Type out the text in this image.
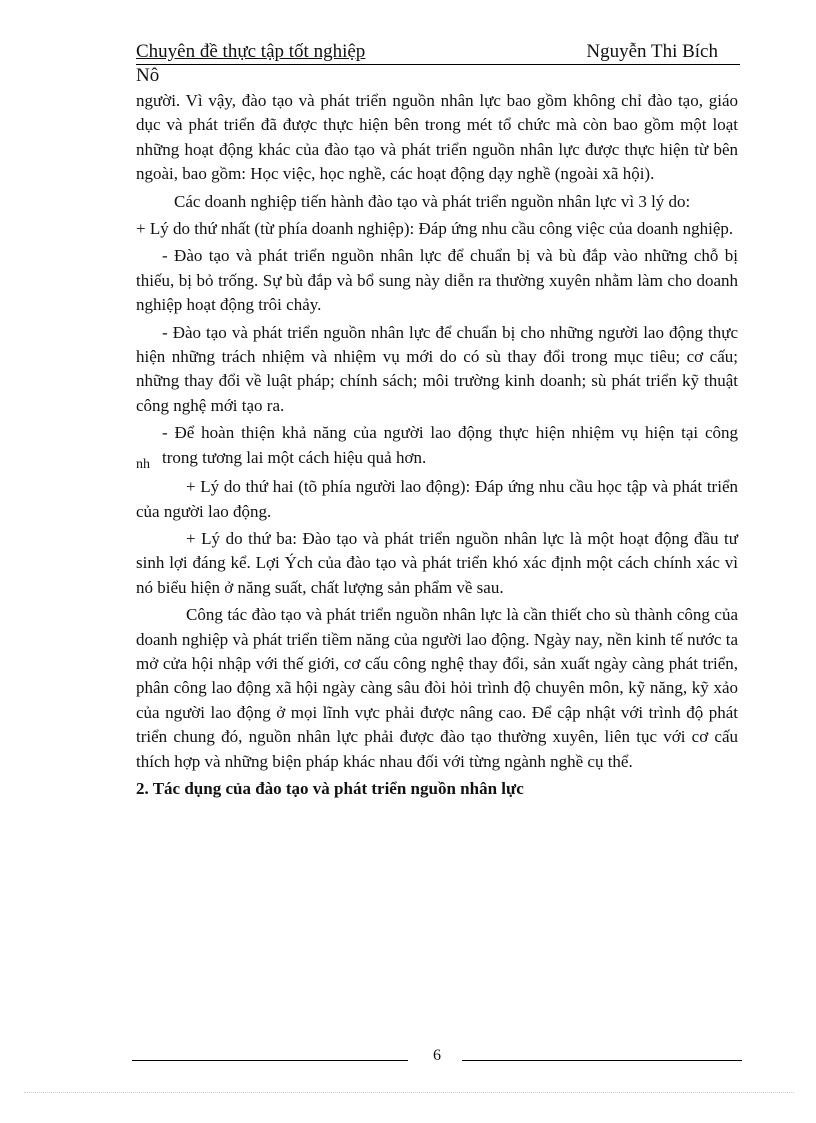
Chuyên đề thực tập tốt nghiệp	Nguyễn Thi Bích
Nô

người. Vì vậy, đào tạo và phát triển nguồn nhân lực bao gồm không chỉ đào tạo, giáo dục và phát triển đã được thực hiện bên trong mét tổ chức mà còn bao gồm một loạt những hoạt động khác của đào tạo và phát triển nguồn nhân lực được thực hiện từ bên ngoài, bao gồm: Học việc, học nghề, các hoạt động dạy nghề (ngoài xã hội).

Các doanh nghiệp tiến hành đào tạo và phát triển nguồn nhân lực vì 3 lý do:

+ Lý do thứ nhất (từ phía doanh nghiệp): Đáp ứng nhu cầu công việc của doanh nghiệp.

- Đào tạo và phát triển nguồn nhân lực để chuẩn bị và bù đắp vào những chỗ bị thiếu, bị bỏ trống. Sự bù đắp và bổ sung này diễn ra thường xuyên nhằm làm cho doanh nghiệp hoạt động trôi chảy.

- Đào tạo và phát triển nguồn nhân lực để chuẩn bị cho những người lao động thực hiện những trách nhiệm và nhiệm vụ mới do có sù thay đổi trong mục tiêu; cơ cấu; những thay đổi về luật pháp; chính sách; môi trường kinh doanh; sù phát triển kỹ thuật công nghệ mới tạo ra.

- Để hoàn thiện khả năng của người lao động thực hiện nhiệm vụ hiện tại công $_{nh}$ trong tương lai một cách hiệu quả hơn.

+ Lý do thứ hai (tõ phía người lao động): Đáp ứng nhu cầu học tập và phát triển của người lao động.

+ Lý do thứ ba: Đào tạo và phát triển nguồn nhân lực là một hoạt động đầu tư sinh lợi đáng kể. Lợi Ých của đào tạo và phát triển khó xác định một cách chính xác vì nó biểu hiện ở năng suất, chất lượng sản phẩm về sau.

Công tác đào tạo và phát triển nguồn nhân lực là cần thiết cho sù thành công của doanh nghiệp và phát triển tiềm năng của người lao động. Ngày nay, nền kinh tế nước ta mở cửa hội nhập với thế giới, cơ cấu công nghệ thay đổi, sản xuất ngày càng phát triển, phân công lao động xã hội ngày càng sâu đòi hỏi trình độ chuyên môn, kỹ năng, kỹ xảo của người lao động ở mọi lĩnh vực phải được nâng cao. Để cập nhật với trình độ phát triển chung đó, nguồn nhân lực phải được đào tạo thường xuyên, liên tục với cơ cấu thích hợp và những biện pháp khác nhau đối với từng ngành nghề cụ thể.

2. Tác dụng của đào tạo và phát triển nguồn nhân lực

6
